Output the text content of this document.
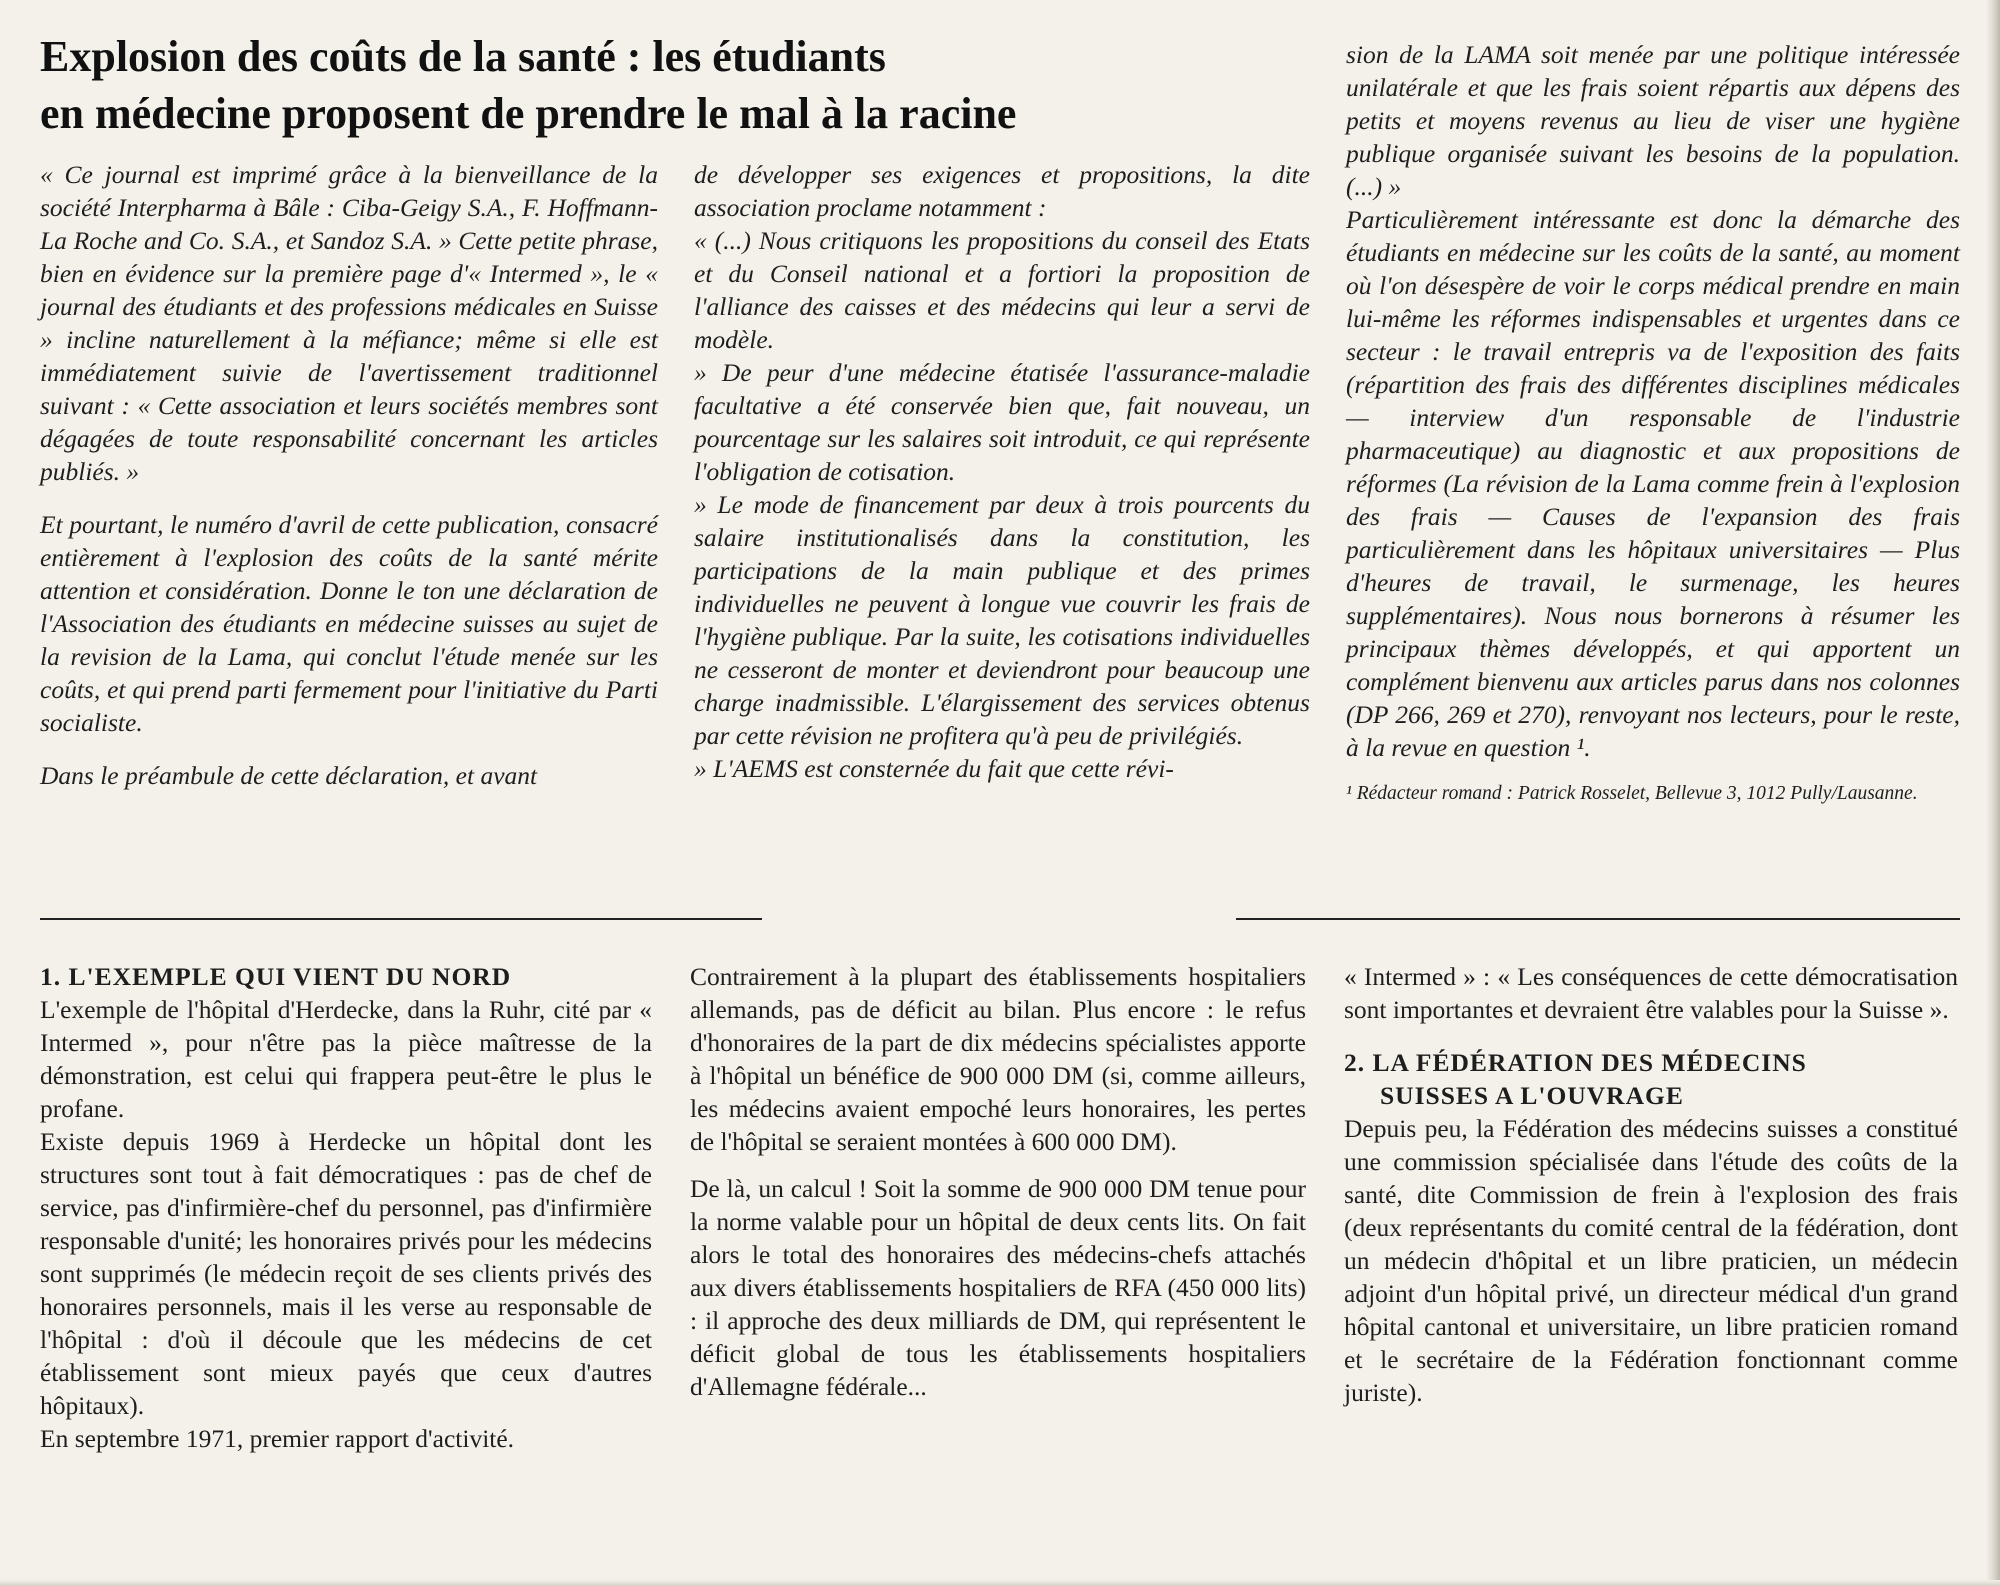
Explosion des coûts de la santé : les étudiants
en médecine proposent de prendre le mal à la racine

« Ce journal est imprimé grâce à la bienveillance de la société Interpharma à Bâle : Ciba-Geigy S.A., F. Hoffmann-La Roche and Co. S.A., et Sandoz S.A. » Cette petite phrase, bien en évidence sur la première page d'« Intermed », le « journal des étudiants et des professions médicales en Suisse » incline naturellement à la méfiance; même si elle est immédiatement suivie de l'avertissement traditionnel suivant : « Cette association et leurs sociétés membres sont dégagées de toute responsabilité concernant les articles publiés. »

Et pourtant, le numéro d'avril de cette publication, consacré entièrement à l'explosion des coûts de la santé mérite attention et considération. Donne le ton une déclaration de l'Association des étudiants en médecine suisses au sujet de la revision de la Lama, qui conclut l'étude menée sur les coûts, et qui prend parti fermement pour l'initiative du Parti socialiste.

Dans le préambule de cette déclaration, et avant

de développer ses exigences et propositions, la dite association proclame notamment :

« (...) Nous critiquons les propositions du conseil des Etats et du Conseil national et a fortiori la proposition de l'alliance des caisses et des médecins qui leur a servi de modèle.

» De peur d'une médecine étatisée l'assurance-maladie facultative a été conservée bien que, fait nouveau, un pourcentage sur les salaires soit introduit, ce qui représente l'obligation de cotisation.

» Le mode de financement par deux à trois pourcents du salaire institutionalisés dans la constitution, les participations de la main publique et des primes individuelles ne peuvent à longue vue couvrir les frais de l'hygiène publique. Par la suite, les cotisations individuelles ne cesseront de monter et deviendront pour beaucoup une charge inadmissible. L'élargissement des services obtenus par cette révision ne profitera qu'à peu de privilégiés.

» L'AEMS est consternée du fait que cette révi-

sion de la LAMA soit menée par une politique intéressée unilatérale et que les frais soient répartis aux dépens des petits et moyens revenus au lieu de viser une hygiène publique organisée suivant les besoins de la population. (...) »

Particulièrement intéressante est donc la démarche des étudiants en médecine sur les coûts de la santé, au moment où l'on désespère de voir le corps médical prendre en main lui-même les réformes indispensables et urgentes dans ce secteur : le travail entrepris va de l'exposition des faits (répartition des frais des différentes disciplines médicales — interview d'un responsable de l'industrie pharmaceutique) au diagnostic et aux propositions de réformes (La révision de la Lama comme frein à l'explosion des frais — Causes de l'expansion des frais particulièrement dans les hôpitaux universitaires — Plus d'heures de travail, le surmenage, les heures supplémentaires). Nous nous bornerons à résumer les principaux thèmes développés, et qui apportent un complément bienvenu aux articles parus dans nos colonnes (DP 266, 269 et 270), renvoyant nos lecteurs, pour le reste, à la revue en question ¹.

¹ Rédacteur romand : Patrick Rosselet, Bellevue 3, 1012 Pully/Lausanne.

1. L'EXEMPLE QUI VIENT DU NORD

L'exemple de l'hôpital d'Herdecke, dans la Ruhr, cité par « Intermed », pour n'être pas la pièce maîtresse de la démonstration, est celui qui frappera peut-être le plus le profane.

Existe depuis 1969 à Herdecke un hôpital dont les structures sont tout à fait démocratiques : pas de chef de service, pas d'infirmière-chef du personnel, pas d'infirmière responsable d'unité; les honoraires privés pour les médecins sont supprimés (le médecin reçoit de ses clients privés des honoraires personnels, mais il les verse au responsable de l'hôpital : d'où il découle que les médecins de cet établissement sont mieux payés que ceux d'autres hôpitaux).

En septembre 1971, premier rapport d'activité.

Contrairement à la plupart des établissements hospitaliers allemands, pas de déficit au bilan. Plus encore : le refus d'honoraires de la part de dix médecins spécialistes apporte à l'hôpital un bénéfice de 900 000 DM (si, comme ailleurs, les médecins avaient empoché leurs honoraires, les pertes de l'hôpital se seraient montées à 600 000 DM).

De là, un calcul ! Soit la somme de 900 000 DM tenue pour la norme valable pour un hôpital de deux cents lits. On fait alors le total des honoraires des médecins-chefs attachés aux divers établissements hospitaliers de RFA (450 000 lits) : il approche des deux milliards de DM, qui représentent le déficit global de tous les établissements hospitaliers d'Allemagne fédérale...

« Intermed » : « Les conséquences de cette démocratisation sont importantes et devraient être valables pour la Suisse ».

2. LA FÉDÉRATION DES MÉDECINS
SUISSES A L'OUVRAGE

Depuis peu, la Fédération des médecins suisses a constitué une commission spécialisée dans l'étude des coûts de la santé, dite Commission de frein à l'explosion des frais (deux représentants du comité central de la fédération, dont un médecin d'hôpital et un libre praticien, un médecin adjoint d'un hôpital privé, un directeur médical d'un grand hôpital cantonal et universitaire, un libre praticien romand et le secrétaire de la Fédération fonctionnant comme juriste).
